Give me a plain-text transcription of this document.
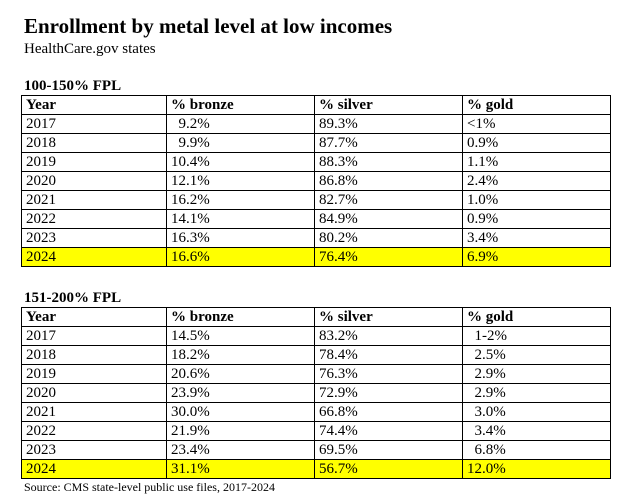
Enrollment by metal level at low incomes
HealthCare.gov states
100-150% FPL
Year	% bronze	% silver	% gold
2017	9.2%	89.3%	<1%
2018	9.9%	87.7%	0.9%
2019	10.4%	88.3%	1.1%
2020	12.1%	86.8%	2.4%
2021	16.2%	82.7%	1.0%
2022	14.1%	84.9%	0.9%
2023	16.3%	80.2%	3.4%
2024	16.6%	76.4%	6.9%
151-200% FPL
Year	% bronze	% silver	% gold
2017	14.5%	83.2%	1-2%
2018	18.2%	78.4%	2.5%
2019	20.6%	76.3%	2.9%
2020	23.9%	72.9%	2.9%
2021	30.0%	66.8%	3.0%
2022	21.9%	74.4%	3.4%
2023	23.4%	69.5%	6.8%
2024	31.1%	56.7%	12.0%
Source: CMS state-level public use files, 2017-2024
